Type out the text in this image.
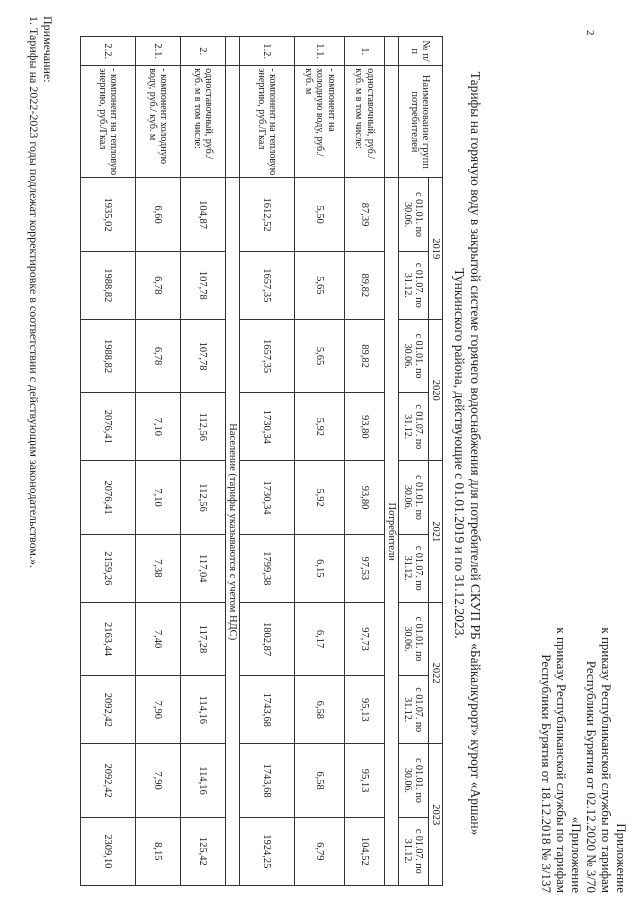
2
Приложение
к приказу Республиканской службы по тарифам
Республики Бурятия от 02.12.2020 № 3/70
«Приложение
к приказу Республиканской службы по тарифам
Республики Бурятия от 18.12.2018 № 3/137
Тарифы на горячую воду в закрытой системе горячего водоснабжения для потребителей СКУП РБ «Байкалкурорт» курорт «Аршан»
Тункинского района, действующие с 01.01.2019 и по 31.12.2023.
№ п/п	Наименование групп потребителей	2019		2020		2021		2022		2023	
		с 01.01. по 30.06.	с 01.07. по 31.12.	с 01.01. по 30.06.	с 01.07. по 31.12.	с 01.01. по 30.06.	с 01.07. по 31.12.	с 01.01. по 30.06.	с 01.07. по 31.12.	с 01.01. по 30.06.	с 01.07. по 31.12.
		Потребители									
1.	одноставочный, руб./ куб. м в том числе:	87,39	89,82	89,82	93,80	93,80	97,53	97,73	95,13	95,13	104,52
1.1.	- компонент на холодную воду, руб./ куб. м	5,50	5,65	5,65	5,92	5,92	6,15	6,17	6,58	6,58	6,79
1.2.	- компонент на тепловую энергию, руб./Гкал	1612,52	1657,35	1657,35	1730,34	1730,34	1799,38	1802,87	1743,68	1743,68	1924,25
		Население (тарифы указываются с учетом НДС)									
2.	одноставочный, руб./ куб. м в том числе:	104,87	107,78	107,78	112,56	112,56	117,04	117,28	114,16	114,16	125,42
2.1.	- компонент холодную воду, руб./ куб. м	6,60	6,78	6,78	7,10	7,10	7,38	7,40	7,90	7,90	8,15
2.2.	- компонент на тепловую энергию, руб./Гкал	1935,02	1988,82	1988,82	2076,41	2076,41	2159,26	2163,44	2092,42	2092,42	2309,10
Примечание:
1. Тарифы на 2022-2023 годы подлежат корректировке в соответствии с действующим законодательством.».
